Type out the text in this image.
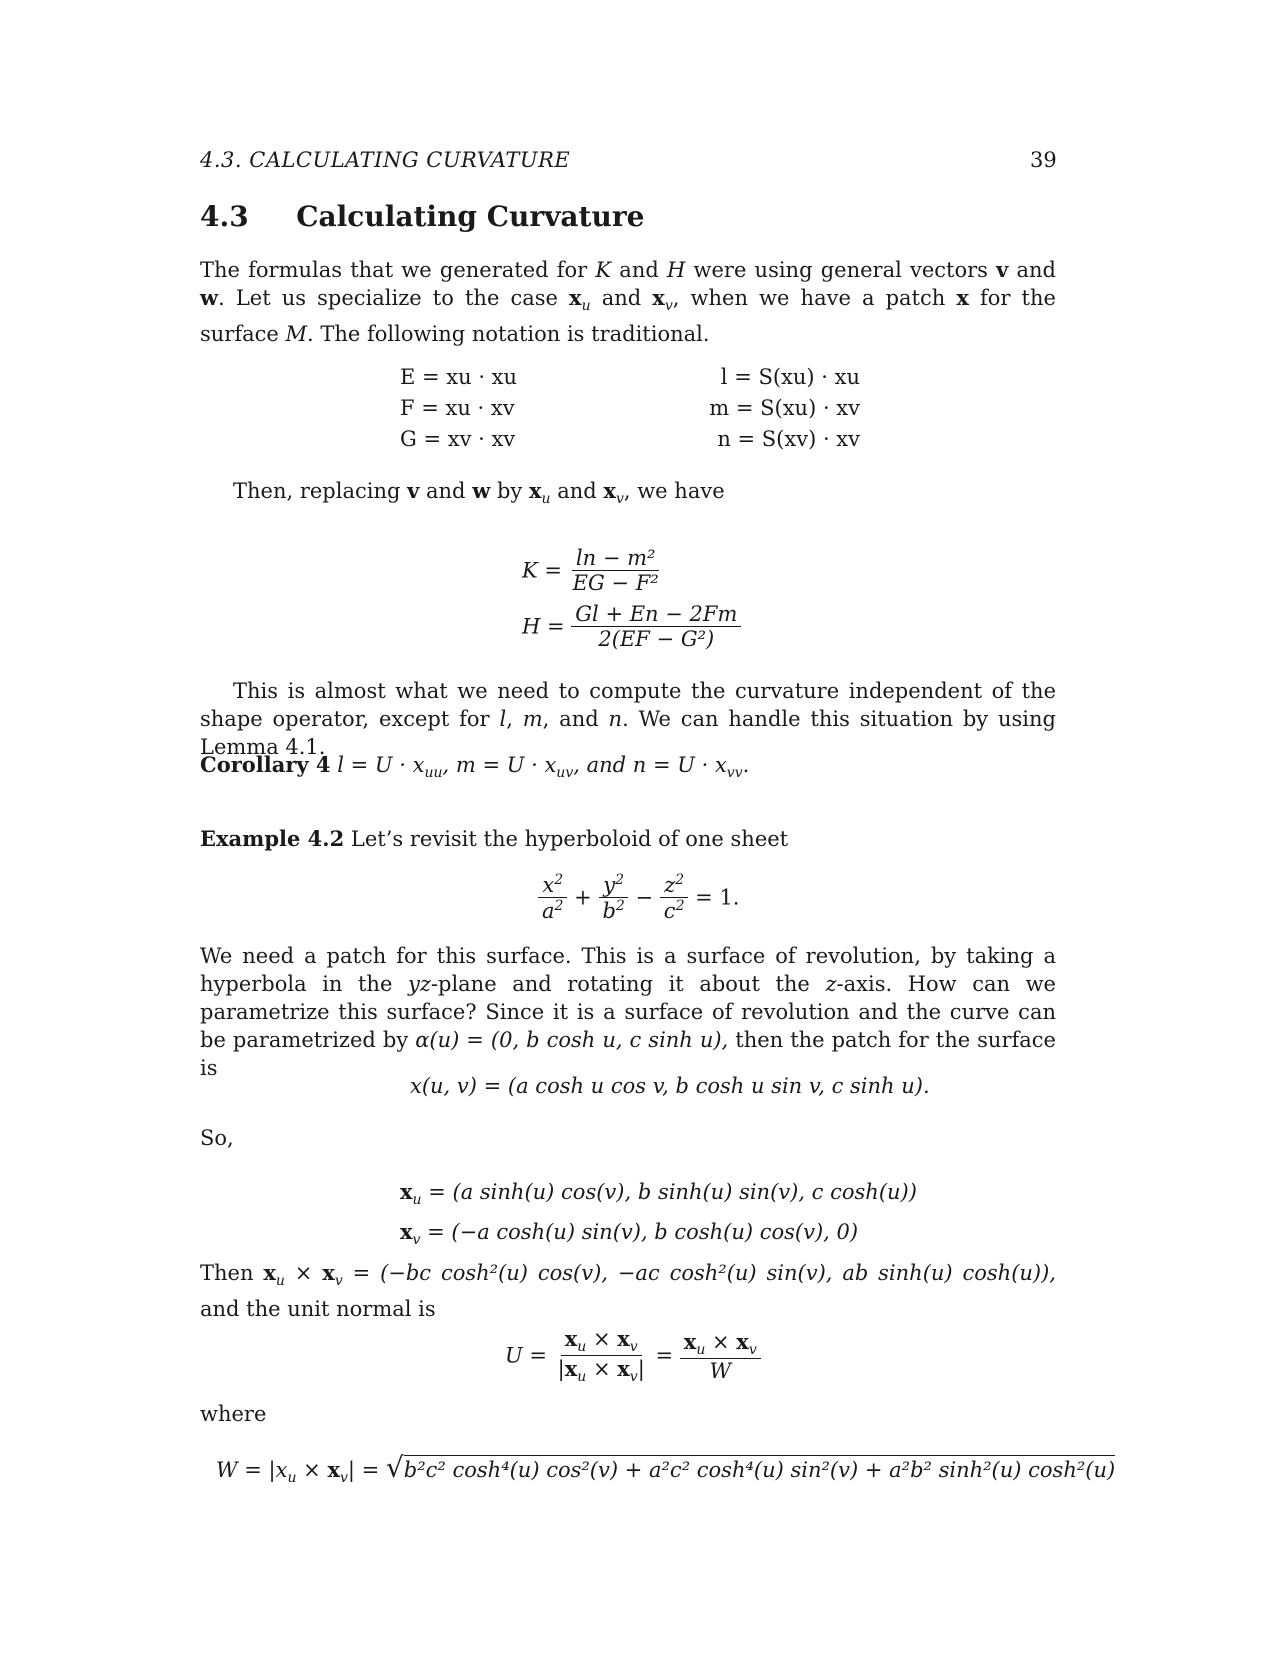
4.3. CALCULATING CURVATURE	39
4.3 Calculating Curvature
The formulas that we generated for K and H were using general vectors v and w. Let us specialize to the case $x_u$ and $x_v$, when we have a patch x for the surface M. The following notation is traditional.
E = xu · xu
F = xu · xv
G = xv · xv
l = S(xu) · xu
m = S(xu) · xv
n = S(xv) · xv
Then, replacing v and w by $x_u$ and $x_v$, we have
$K = \frac{\text{ln − m²}}{\text{EG − F²}}$
$H = \frac{Gl + En - 2Fm}{\text{2(EF − G²)}}$
This is almost what we need to compute the curvature independent of the shape operator, except for l, m, and n. We can handle this situation by using Lemma 4.1.
Corollary 4 $l = U \cdot x_{uu}$, $m = U \cdot x_{uv}$, and $n = U \cdot x_{vv}$.
Example 4.2 Let’s revisit the hyperboloid of one sheet
$\frac{x^2}{a^2} + \frac{y^2}{b^2} - \frac{z^2}{c^2} = 1$.
We need a patch for this surface. This is a surface of revolution, by taking a hyperbola in the yz-plane and rotating it about the z-axis. How can we parametrize this surface? Since it is a surface of revolution and the curve can be parametrized by α(u) = (0, b cosh u, c sinh u), then the patch for the surface is
x(u, v) = (a cosh u cos v, b cosh u sin v, c sinh u).
So,
$x_u = (a$ sinh(u) cos(v), b sinh(u) sin(v), c cosh(u))
$x_v = (-a$ cosh(u) sin(v), b cosh(u) cos(v), 0)
Then $x_u \times x_v = (-bc$ cosh²(u) cos(v), −ac cosh²(u) sin(v), ab sinh(u) cosh(u)), and the unit normal is
$U = \frac{x_u \times x_v}{|x_u \times x_v|} = \frac{x_u \times x_v}{W}$
where
$W = |x_u \times x_v| = √b^2c^2$ cosh⁴(u) cos²(v) + a²c² cosh⁴(u) sin²(v) + a²b² sinh²(u) cosh²(u)
